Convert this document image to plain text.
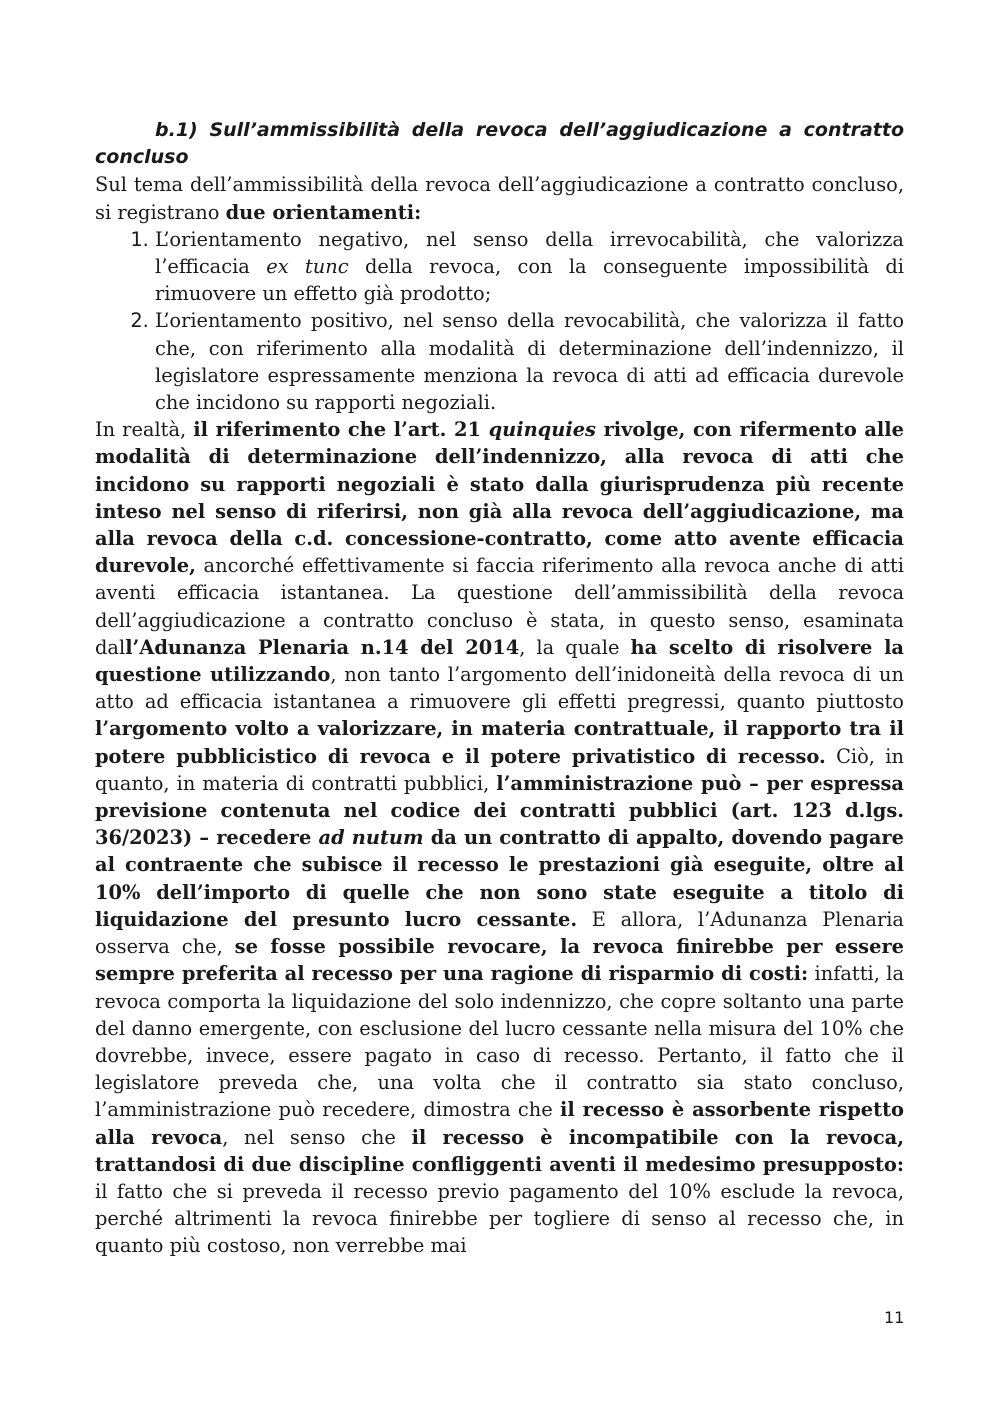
b.1) Sull’ammissibilità della revoca dell’aggiudicazione a contratto concluso

Sul tema dell’ammissibilità della revoca dell’aggiudicazione a contratto concluso, si registrano due orientamenti:

1. L’orientamento negativo, nel senso della irrevocabilità, che valorizza l’efficacia ex tunc della revoca, con la conseguente impossibilità di rimuovere un effetto già prodotto;
2. L’orientamento positivo, nel senso della revocabilità, che valorizza il fatto che, con riferimento alla modalità di determinazione dell’indennizzo, il legislatore espressamente menziona la revoca di atti ad efficacia durevole che incidono su rapporti negoziali.

In realtà, il riferimento che l’art. 21 quinquies rivolge, con rifermento alle modalità di determinazione dell’indennizzo, alla revoca di atti che incidono su rapporti negoziali è stato dalla giurisprudenza più recente inteso nel senso di riferirsi, non già alla revoca dell’aggiudicazione, ma alla revoca della c.d. concessione-contratto, come atto avente efficacia durevole, ancorché effettivamente si faccia riferimento alla revoca anche di atti aventi efficacia istantanea. La questione dell’ammissibilità della revoca dell’aggiudicazione a contratto concluso è stata, in questo senso, esaminata dall’Adunanza Plenaria n.14 del 2014, la quale ha scelto di risolvere la questione utilizzando, non tanto l’argomento dell’inidoneità della revoca di un atto ad efficacia istantanea a rimuovere gli effetti pregressi, quanto piuttosto l’argomento volto a valorizzare, in materia contrattuale, il rapporto tra il potere pubblicistico di revoca e il potere privatistico di recesso. Ciò, in quanto, in materia di contratti pubblici, l’amministrazione può – per espressa previsione contenuta nel codice dei contratti pubblici (art. 123 d.lgs. 36/2023) – recedere ad nutum da un contratto di appalto, dovendo pagare al contraente che subisce il recesso le prestazioni già eseguite, oltre al 10% dell’importo di quelle che non sono state eseguite a titolo di liquidazione del presunto lucro cessante. E allora, l’Adunanza Plenaria osserva che, se fosse possibile revocare, la revoca finirebbe per essere sempre preferita al recesso per una ragione di risparmio di costi: infatti, la revoca comporta la liquidazione del solo indennizzo, che copre soltanto una parte del danno emergente, con esclusione del lucro cessante nella misura del 10% che dovrebbe, invece, essere pagato in caso di recesso. Pertanto, il fatto che il legislatore preveda che, una volta che il contratto sia stato concluso, l’amministrazione può recedere, dimostra che il recesso è assorbente rispetto alla revoca, nel senso che il recesso è incompatibile con la revoca, trattandosi di due discipline confliggenti aventi il medesimo presupposto: il fatto che si preveda il recesso previo pagamento del 10% esclude la revoca, perché altrimenti la revoca finirebbe per togliere di senso al recesso che, in quanto più costoso, non verrebbe mai

11
